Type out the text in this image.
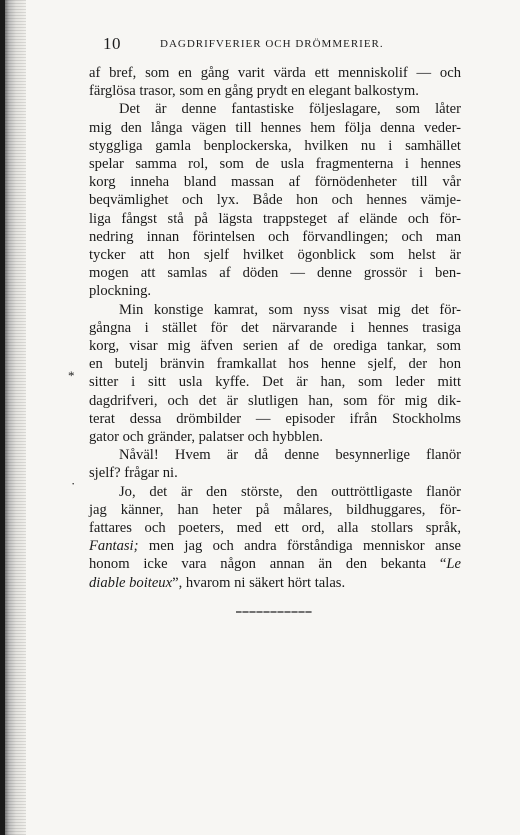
10	DAGDRIFVERIER OCH DRÖMMERIER.
*
·
af bref, som en gång varit värda ett menniskolif — och
färglösa trasor, som en gång prydt en elegant balkostym.
Det är denne fantastiske följeslagare, som låter
mig den långa vägen till hennes hem följa denna veder-
styggliga gamla benplockerska, hvilken nu i samhället
spelar samma rol, som de usla fragmenterna i hennes
korg inneha bland massan af förnödenheter till vår
beqvämlighet och lyx. Både hon och hennes vämje-
liga fångst stå på lägsta trappsteget af elände och för-
nedring innan förintelsen och förvandlingen; och man
tycker att hon sjelf hvilket ögonblick som helst är
mogen att samlas af döden — denne grossör i ben-
plockning.
Min konstige kamrat, som nyss visat mig det för-
gångna i stället för det närvarande i hennes trasiga
korg, visar mig äfven serien af de orediga tankar, som
en butelj bränvin framkallat hos henne sjelf, der hon
sitter i sitt usla kyffe. Det är han, som leder mitt
dagdrifveri, och det är slutligen han, som för mig dik-
terat dessa drömbilder — episoder ifrån Stockholms
gator och gränder, palatser och hybblen.
Nåväl! Hvem är då denne besynnerlige flanör
sjelf? frågar ni.
Jo, det är den störste, den outtröttligaste flanör
jag känner, han heter på målares, bildhuggares, för-
fattares och poeters, med ett ord, alla stollars språk,
Fantasi; men jag och andra förståndiga menniskor anse
honom icke vara någon annan än den bekanta “Le
diable boiteux”, hvarom ni säkert hört talas.
